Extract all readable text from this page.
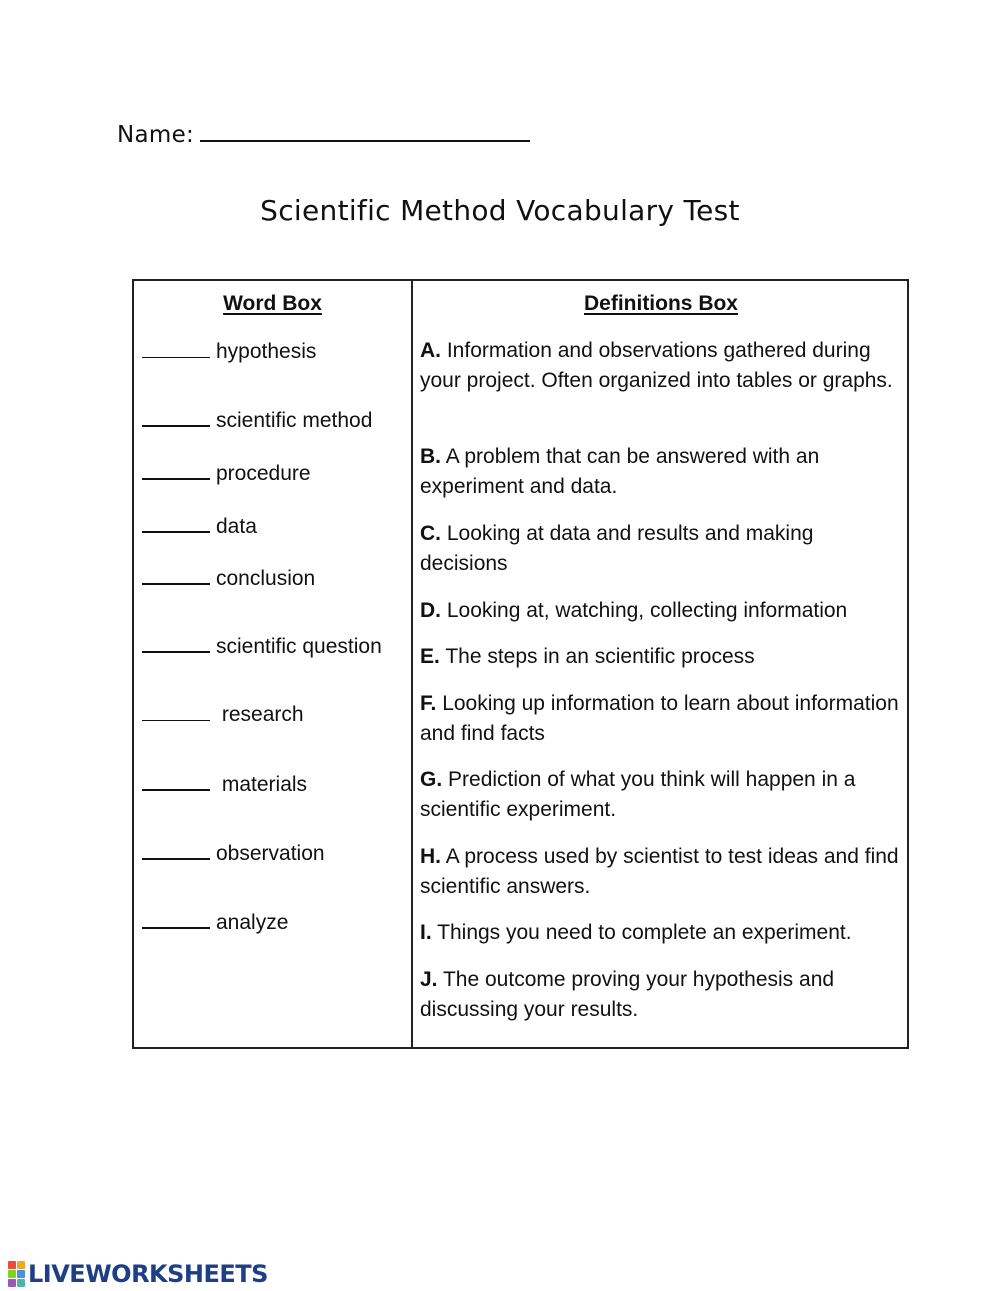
Name:
Scientific Method Vocabulary Test
Word Box	Definitions Box
hypothesis
scientific method
procedure
data
conclusion
scientific question
research
materials
observation
analyze
A. Information and observations gathered during your project. Often organized into tables or graphs.
B. A problem that can be answered with an experiment and data.
C. Looking at data and results and making decisions
D. Looking at, watching, collecting information
E. The steps in an scientific process
F. Looking up information to learn about information and find facts
G. Prediction of what you think will happen in a scientific experiment.
H. A process used by scientist to test ideas and find scientific answers.
I. Things you need to complete an experiment.
J. The outcome proving your hypothesis and discussing your results.
LIVEWORKSHEETS
